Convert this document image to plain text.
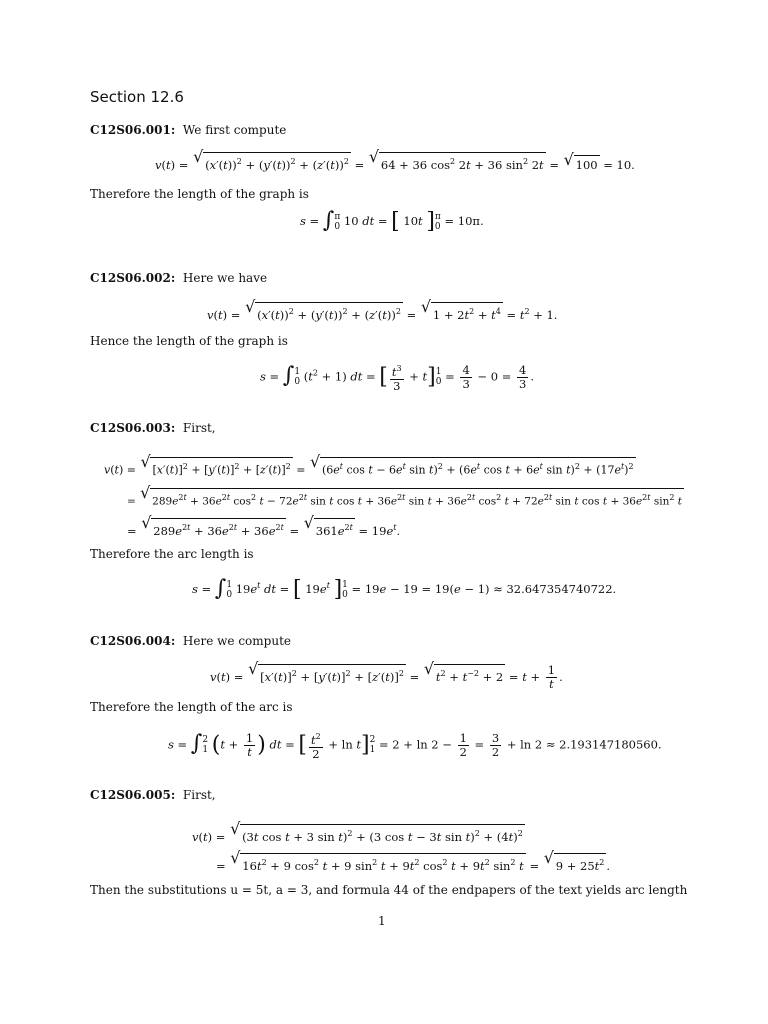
Section 12.6
C12S06.001: We first compute
v(t) = √ $(x'(t))^2 + (y'(t))^2 + (z'(t))^2$ = √ 64 + 36 $\cos^2 2t + 36$ $\sin^2 2t$ = √ 100 = 10.
Therefore the length of the graph is
s = ∫ π
0 10 dt = [ 10t ] π
0 = 10π.
C12S06.002: Here we have
v(t) = √ $(x'(t))^2 + (y'(t))^2 + (z'(t))^2$ = √ $1 + 2t^2 + t^4 = t^2 + 1$.
Hence the length of the graph is
s = ∫ 1
0 $(t^2 + 1)$ dt = [ $\frac{t^3}{3} + t$] 1
$0 = \frac{4}{3} - 0 = \frac{4}{3}$ .
C12S06.003: First,
v(t) = √ $[x'(t)]^2 + [y'(t)]^2 + [z'(t)]^2$ = √ ($6e^t$ $\cos t - 6e^t$ $\sin t)^2 + (6e^t$ $\cos t + 6e^t$ $\sin t)^2 + (17e^t)^2$
= √ $289e^{2t} + 36e^{2t}$ $\cos^2 t - 72e^{2t}$ sin t $\cos t + 36e^{2t}$ $\sin t + 36e^{2t}$ $\cos^2 t + 72e^{2t}$ sin t $\cos t + 36e^{2t}$ $\sin^2 t$
= √ $289e^{2t} + 36e^{2t} + 36e^{2t}$ = √ $361e^{2t} = 19e^t$.
Therefore the arc length is
s = ∫ 1
0 $19e^t$ dt = [ $19e^t$ ] 1
0 = 19e − 19 = 19(e − 1) ≈ 32.647354740722.
C12S06.004: Here we compute
v(t) = √ $[x'(t)]^2 + [y'(t)]^2 + [z'(t)]^2$ = √ $t^2 + t^{-2} + 2 = t + \frac{1}{t}$ .
Therefore the length of the arc is
s = ∫ 2
1 ($t + \frac{1}{t}$ ) dt = [ $\frac{t^2}{2} + \ln t$] 2
$1 = 2 + \ln 2 - \frac{1}{2} = \frac{3}{2} + \ln 2 \approx 2.193147180560$.
C12S06.005: First,
v(t) = √ (3t cos t + 3 sin t)$^2$ + (3 cos t − 3t $\sin t)^2 + (4t)^2$
= √ $16t^2 + 9$ $\cos^2 t + 9$ $\sin^2 t + 9t^2$ $\cos^2 t + 9t^2$ $\sin^2 t$ = √ $9 + 25t^2$ .
Then the substitutions u = 5t, a = 3, and formula 44 of the endpapers of the text yields arc length
1
